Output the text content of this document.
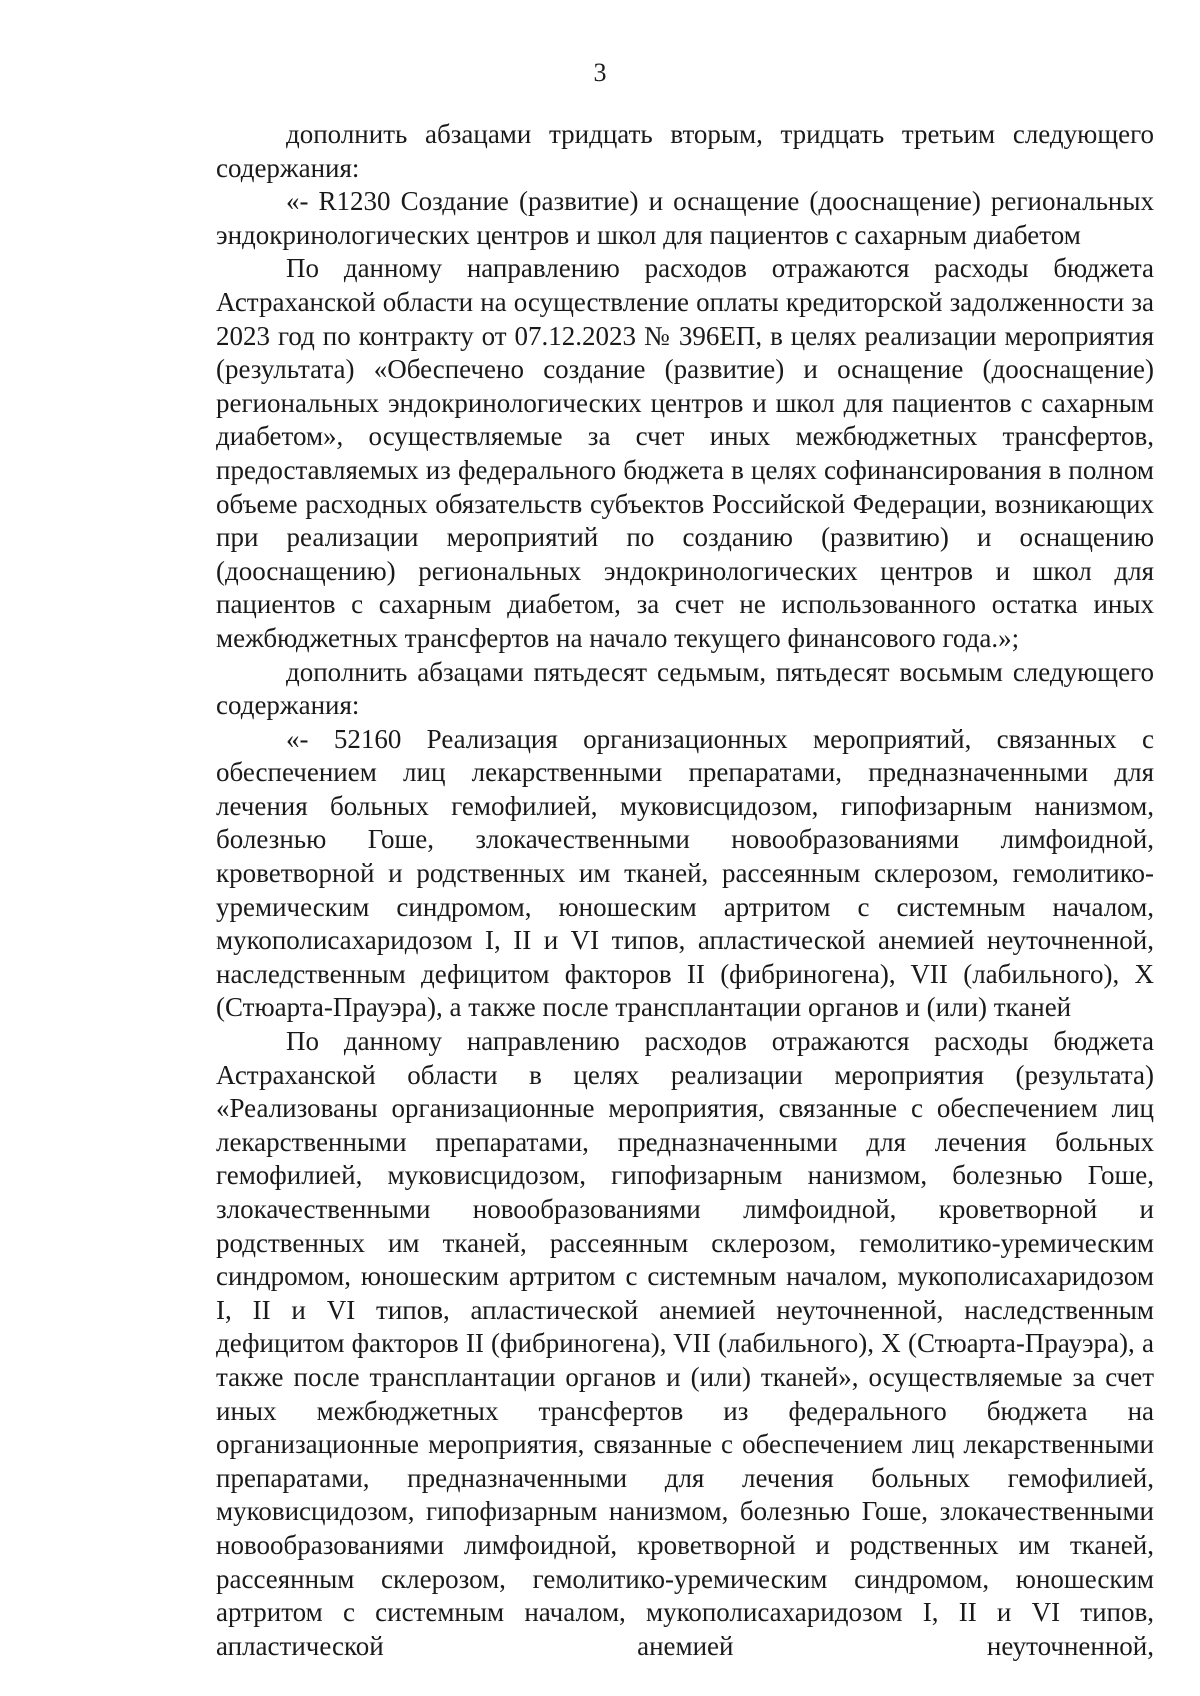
3

дополнить абзацами тридцать вторым, тридцать третьим следующего содержания:

«- R1230 Создание (развитие) и оснащение (дооснащение) региональных эндокринологических центров и школ для пациентов с сахарным диабетом

По данному направлению расходов отражаются расходы бюджета Астраханской области на осуществление оплаты кредиторской задолженности за 2023 год по контракту от 07.12.2023 № 396ЕП, в целях реализации мероприятия (результата) «Обеспечено создание (развитие) и оснащение (дооснащение) региональных эндокринологических центров и школ для пациентов с сахарным диабетом», осуществляемые за счет иных межбюджетных трансфертов, предоставляемых из федерального бюджета в целях софинансирования в полном объеме расходных обязательств субъектов Российской Федерации, возникающих при реализации мероприятий по созданию (развитию) и оснащению (дооснащению) региональных эндокринологических центров и школ для пациентов с сахарным диабетом, за счет не использованного остатка иных межбюджетных трансфертов на начало текущего финансового года.»;

дополнить абзацами пятьдесят седьмым, пятьдесят восьмым следующего содержания:

«- 52160 Реализация организационных мероприятий, связанных с обеспечением лиц лекарственными препаратами, предназначенными для лечения больных гемофилией, муковисцидозом, гипофизарным нанизмом, болезнью Гоше, злокачественными новообразованиями лимфоидной, кроветворной и родственных им тканей, рассеянным склерозом, гемолитико-уремическим синдромом, юношеским артритом с системным началом, мукополисахаридозом I, II и VI типов, апластической анемией неуточненной, наследственным дефицитом факторов II (фибриногена), VII (лабильного), X (Стюарта-Прауэра), а также после трансплантации органов и (или) тканей

По данному направлению расходов отражаются расходы бюджета Астраханской области в целях реализации мероприятия (результата) «Реализованы организационные мероприятия, связанные с обеспечением лиц лекарственными препаратами, предназначенными для лечения больных гемофилией, муковисцидозом, гипофизарным нанизмом, болезнью Гоше, злокачественными новообразованиями лимфоидной, кроветворной и родственных им тканей, рассеянным склерозом, гемолитико-уремическим синдромом, юношеским артритом с системным началом, мукополисахаридозом I, II и VI типов, апластической анемией неуточненной, наследственным дефицитом факторов II (фибриногена), VII (лабильного), X (Стюарта-Прауэра), а также после трансплантации органов и (или) тканей», осуществляемые за счет иных межбюджетных трансфертов из федерального бюджета на организационные мероприятия, связанные с обеспечением лиц лекарственными препаратами, предназначенными для лечения больных гемофилией, муковисцидозом, гипофизарным нанизмом, болезнью Гоше, злокачественными новообразованиями лимфоидной, кроветворной и родственных им тканей, рассеянным склерозом, гемолитико-уремическим синдромом, юношеским артритом с системным началом, мукополисахаридозом I, II и VI типов, апластической анемией неуточненной,
